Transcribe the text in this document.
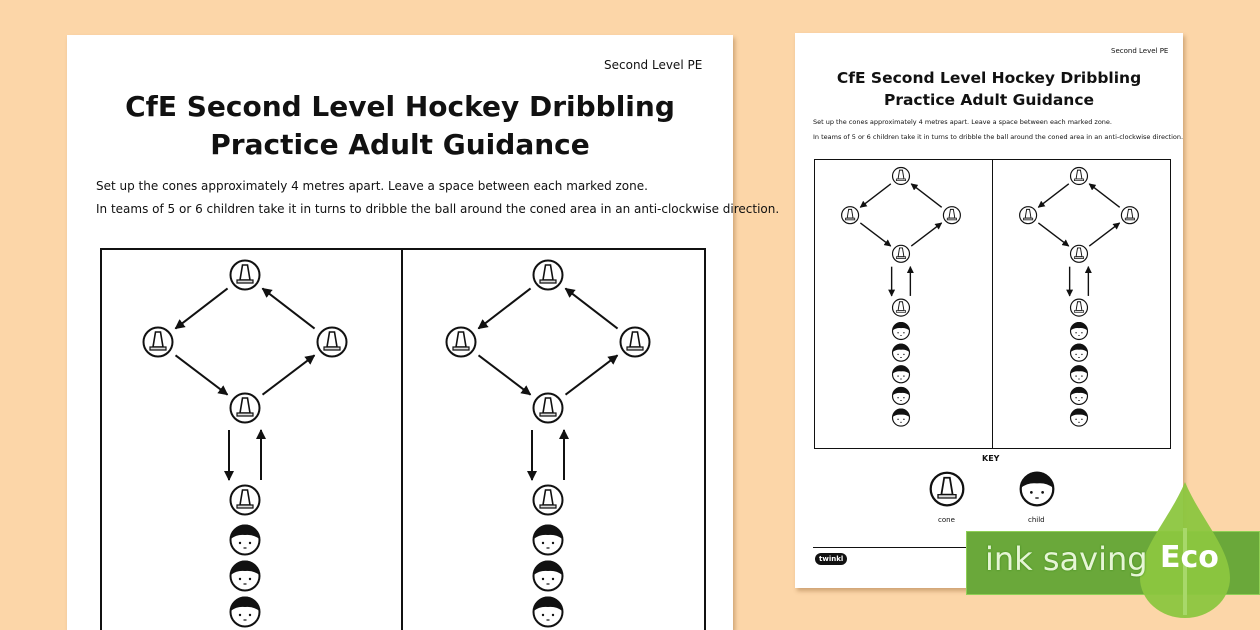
Second Level PE
CfE Second Level Hockey Dribbling
Practice Adult Guidance
Set up the cones approximately 4 metres apart. Leave a space between each marked zone.
In teams of 5 or 6 children take it in turns to dribble the ball around the coned area in an anti-clockwise direction.
Second Level PE
CfE Second Level Hockey Dribbling
Practice Adult Guidance
Set up the cones approximately 4 metres apart. Leave a space between each marked zone.
In teams of 5 or 6 children take it in turns to dribble the ball around the coned area in an anti-clockwise direction.
KEY
cone	child
twinkl	ink saving Eco
